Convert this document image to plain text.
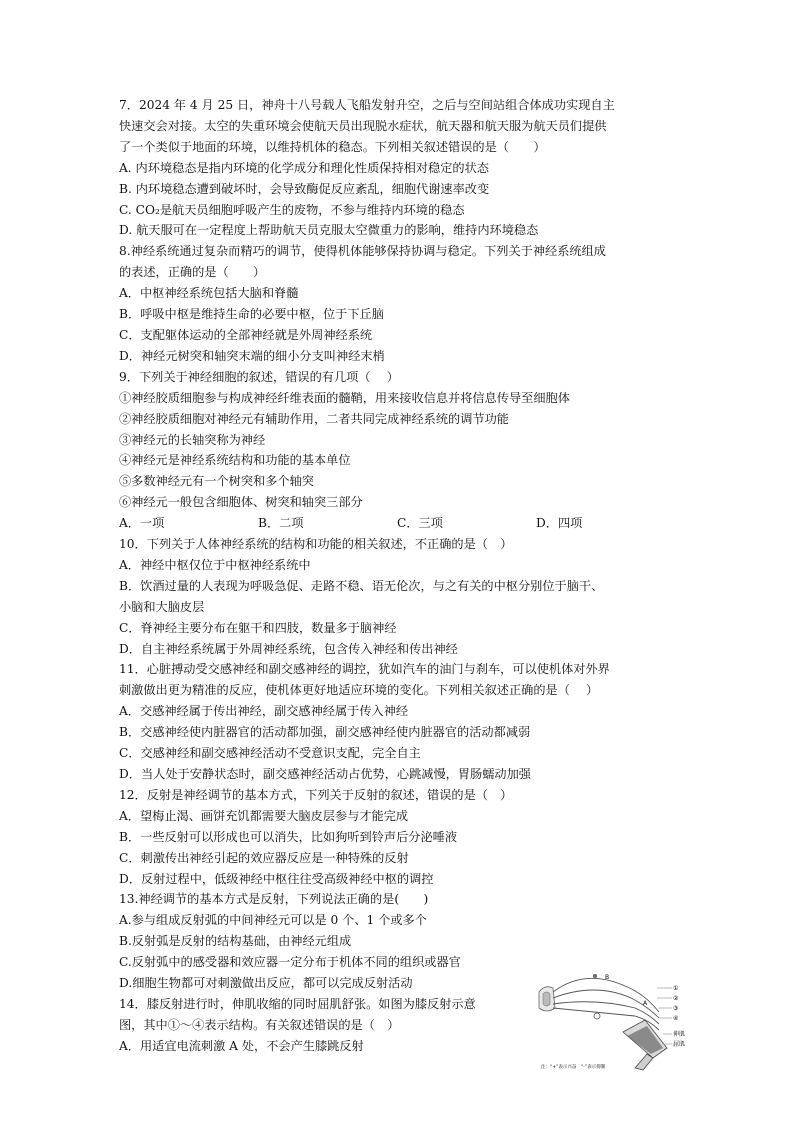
7．2024 年 4 月 25 日，神舟十八号载人飞船发射升空，之后与空间站组合体成功实现自主
快速交会对接。太空的失重环境会使航天员出现脱水症状，航天器和航天服为航天员们提供
了一个类似于地面的环境，以维持机体的稳态。下列相关叙述错误的是（　　）
A. 内环境稳态是指内环境的化学成分和理化性质保持相对稳定的状态
B. 内环境稳态遭到破坏时，会导致酶促反应紊乱，细胞代谢速率改变
C. CO₂是航天员细胞呼吸产生的废物，不参与维持内环境的稳态
D. 航天服可在一定程度上帮助航天员克服太空微重力的影响，维持内环境稳态
8.神经系统通过复杂而精巧的调节，使得机体能够保持协调与稳定。下列关于神经系统组成
的表述，正确的是（　　）
A．中枢神经系统包括大脑和脊髓
B．呼吸中枢是维持生命的必要中枢，位于下丘脑
C．支配躯体运动的全部神经就是外周神经系统
D．神经元树突和轴突末端的细小分支叫神经末梢
9．下列关于神经细胞的叙述，错误的有几项（　 ）
①神经胶质细胞参与构成神经纤维表面的髓鞘，用来接收信息并将信息传导至细胞体
②神经胶质细胞对神经元有辅助作用，二者共同完成神经系统的调节功能
③神经元的长轴突称为神经
④神经元是神经系统结构和功能的基本单位
⑤多数神经元有一个树突和多个轴突
⑥神经元一般包含细胞体、树突和轴突三部分
A．一项	B．二项	C．三项	D．四项
10．下列关于人体神经系统的结构和功能的相关叙述，不正确的是（　）
A．神经中枢仅位于中枢神经系统中
B．饮酒过量的人表现为呼吸急促、走路不稳、语无伦次，与之有关的中枢分别位于脑干、
小脑和大脑皮层
C．脊神经主要分布在躯干和四肢，数量多于脑神经
D．自主神经系统属于外周神经系统，包含传入神经和传出神经
11．心脏搏动受交感神经和副交感神经的调控，犹如汽车的油门与刹车，可以使机体对外界
刺激做出更为精准的反应，使机体更好地适应环境的变化。下列相关叙述正确的是（　 ）
A．交感神经属于传出神经，副交感神经属于传入神经
B．交感神经使内脏器官的活动都加强，副交感神经使内脏器官的活动都减弱
C．交感神经和副交感神经活动不受意识支配，完全自主
D．当人处于安静状态时，副交感神经活动占优势，心跳减慢，胃肠蠕动加强
12．反射是神经调节的基本方式，下列关于反射的叙述，错误的是（　）
A．望梅止渴、画饼充饥都需要大脑皮层参与才能完成
B．一些反射可以形成也可以消失，比如狗听到铃声后分泌唾液
C．刺激传出神经引起的效应器反应是一种特殊的反射
D．反射过程中，低级神经中枢往往受高级神经中枢的调控
13.神经调节的基本方式是反射，下列说法正确的是(　　)
A.参与组成反射弧的中间神经元可以是 0 个、1 个或多个
B.反射弧是反射的结构基础，由神经元组成
C.反射弧中的感受器和效应器一定分布于机体不同的组织或器官
D.细胞生物都可对刺激做出反应，都可以完成反射活动
14．膝反射进行时，伸肌收缩的同时屈肌舒张。如图为膝反射示意
图，其中①～④表示结构。有关叙述错误的是（　）
A．用适宜电流刺激 A 处，不会产生膝跳反射
B
A
①
②
③
④
伸肌
屈肌
注：“+”表示兴奋　“-”表示抑制
